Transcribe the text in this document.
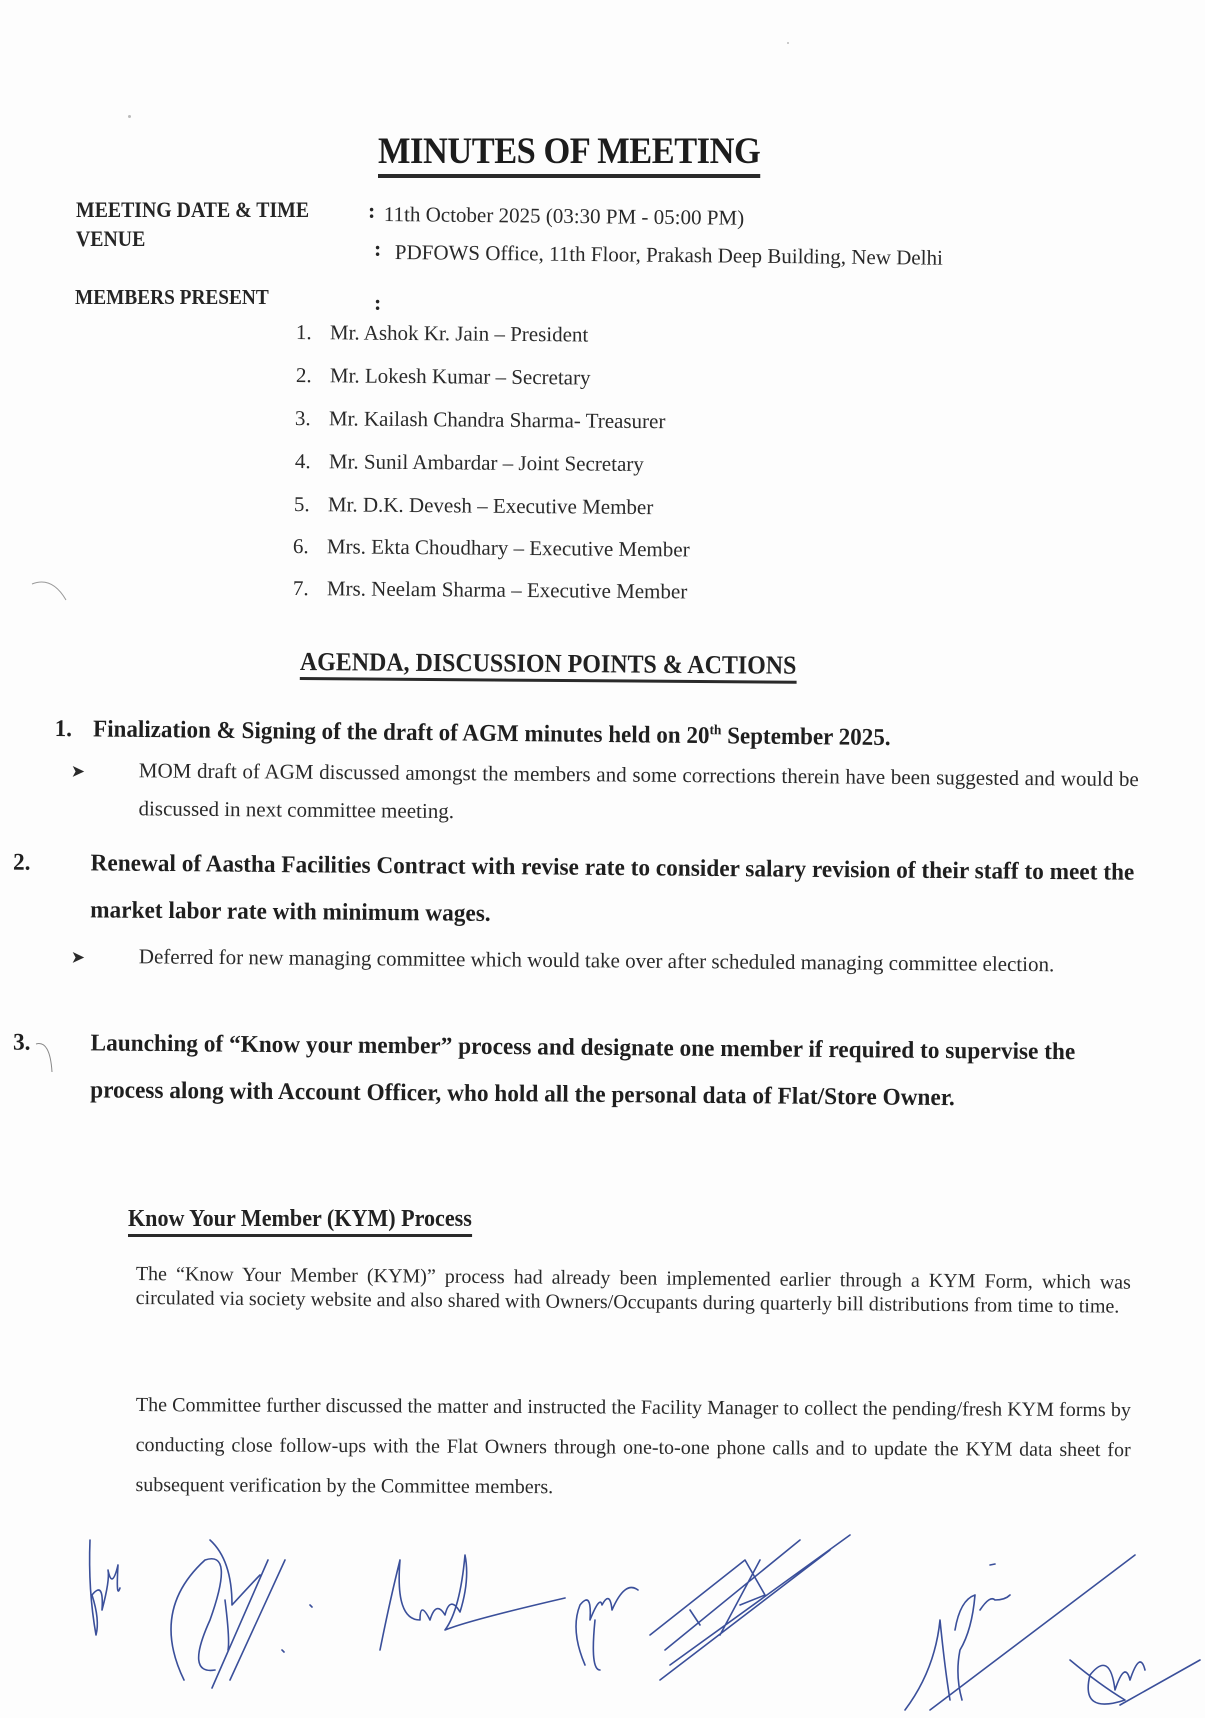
MINUTES OF MEETING
MEETING DATE & TIME	: 11th October 2025 (03:30 PM - 05:00 PM)
VENUE	: PDFOWS Office, 11th Floor, Prakash Deep Building, New Delhi
MEMBERS PRESENT	:
1. Mr. Ashok Kr. Jain – President
2. Mr. Lokesh Kumar – Secretary
3. Mr. Kailash Chandra Sharma- Treasurer
4. Mr. Sunil Ambardar – Joint Secretary
5. Mr. D.K. Devesh – Executive Member
6. Mrs. Ekta Choudhary – Executive Member
7. Mrs. Neelam Sharma – Executive Member
AGENDA, DISCUSSION POINTS & ACTIONS
1. Finalization & Signing of the draft of AGM minutes held on 20th September 2025.
➤	MOM draft of AGM discussed amongst the members and some corrections therein have been suggested and would be discussed in next committee meeting.
2. Renewal of Aastha Facilities Contract with revise rate to consider salary revision of their staff to meet the market labor rate with minimum wages.
➤	Deferred for new managing committee which would take over after scheduled managing committee election.
3. Launching of “Know your member” process and designate one member if required to supervise the process along with Account Officer, who hold all the personal data of Flat/Store Owner.
Know Your Member (KYM) Process
The “Know Your Member (KYM)” process had already been implemented earlier through a KYM Form, which was circulated via society website and also shared with Owners/Occupants during quarterly bill distributions from time to time.
The Committee further discussed the matter and instructed the Facility Manager to collect the pending/fresh KYM forms by conducting close follow-ups with the Flat Owners through one-to-one phone calls and to update the KYM data sheet for subsequent verification by the Committee members.
